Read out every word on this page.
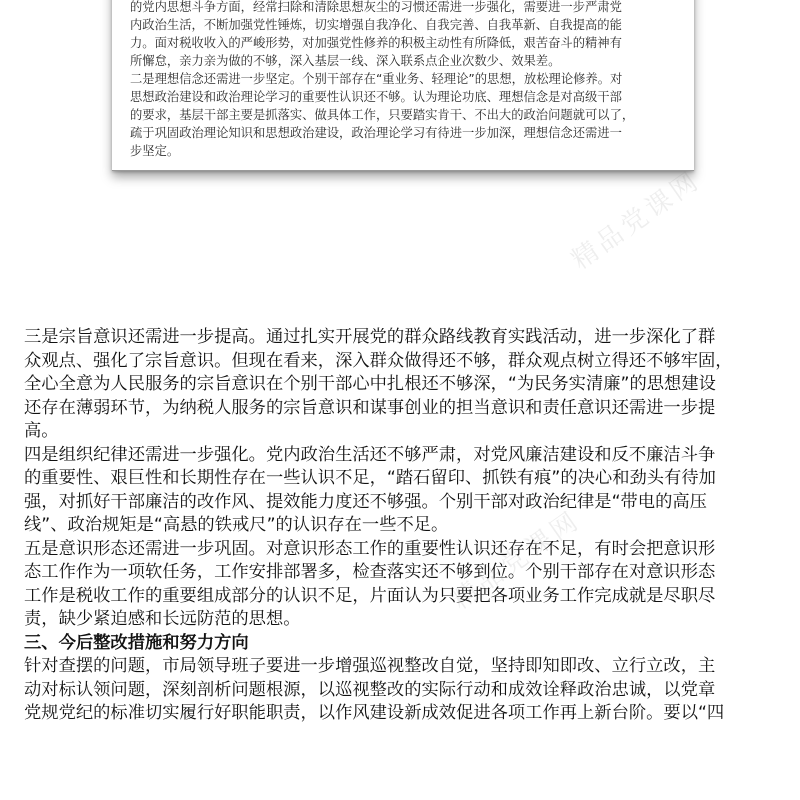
的党内思想斗争方面，经常扫除和清除思想灰尘的习惯还需进一步强化，需要进一步严肃党
内政治生活，不断加强党性锤炼，切实增强自我净化、自我完善、自我革新、自我提高的能
力。面对税收收入的严峻形势，对加强党性修养的积极主动性有所降低，艰苦奋斗的精神有
所懈怠，亲力亲为做的不够，深入基层一线、深入联系点企业次数少、效果差。
二是理想信念还需进一步坚定。个别干部存在“重业务、轻理论”的思想，放松理论修养。对
思想政治建设和政治理论学习的重要性认识还不够。认为理论功底、理想信念是对高级干部
的要求，基层干部主要是抓落实、做具体工作，只要踏实肯干、不出大的政治问题就可以了，
疏于巩固政治理论知识和思想政治建设，政治理论学习有待进一步加深，理想信念还需进一
步坚定。
精品党课网
精品党课网
三是宗旨意识还需进一步提高。通过扎实开展党的群众路线教育实践活动，进一步深化了群
众观点、强化了宗旨意识。但现在看来，深入群众做得还不够，群众观点树立得还不够牢固，
全心全意为人民服务的宗旨意识在个别干部心中扎根还不够深，“为民务实清廉”的思想建设
还存在薄弱环节，为纳税人服务的宗旨意识和谋事创业的担当意识和责任意识还需进一步提
高。
四是组织纪律还需进一步强化。党内政治生活还不够严肃，对党风廉洁建设和反不廉洁斗争
的重要性、艰巨性和长期性存在一些认识不足，“踏石留印、抓铁有痕”的决心和劲头有待加
强，对抓好干部廉洁的改作风、提效能力度还不够强。个别干部对政治纪律是“带电的高压
线”、政治规矩是“高悬的铁戒尺”的认识存在一些不足。
五是意识形态还需进一步巩固。对意识形态工作的重要性认识还存在不足，有时会把意识形
态工作作为一项软任务，工作安排部署多，检查落实还不够到位。个别干部存在对意识形态
工作是税收工作的重要组成部分的认识不足，片面认为只要把各项业务工作完成就是尽职尽
责，缺少紧迫感和长远防范的思想。
三、今后整改措施和努力方向
针对查摆的问题，市局领导班子要进一步增强巡视整改自觉，坚持即知即改、立行立改，主
动对标认领问题，深刻剖析问题根源，以巡视整改的实际行动和成效诠释政治忠诚，以党章
党规党纪的标准切实履行好职能职责，以作风建设新成效促进各项工作再上新台阶。要以“四
